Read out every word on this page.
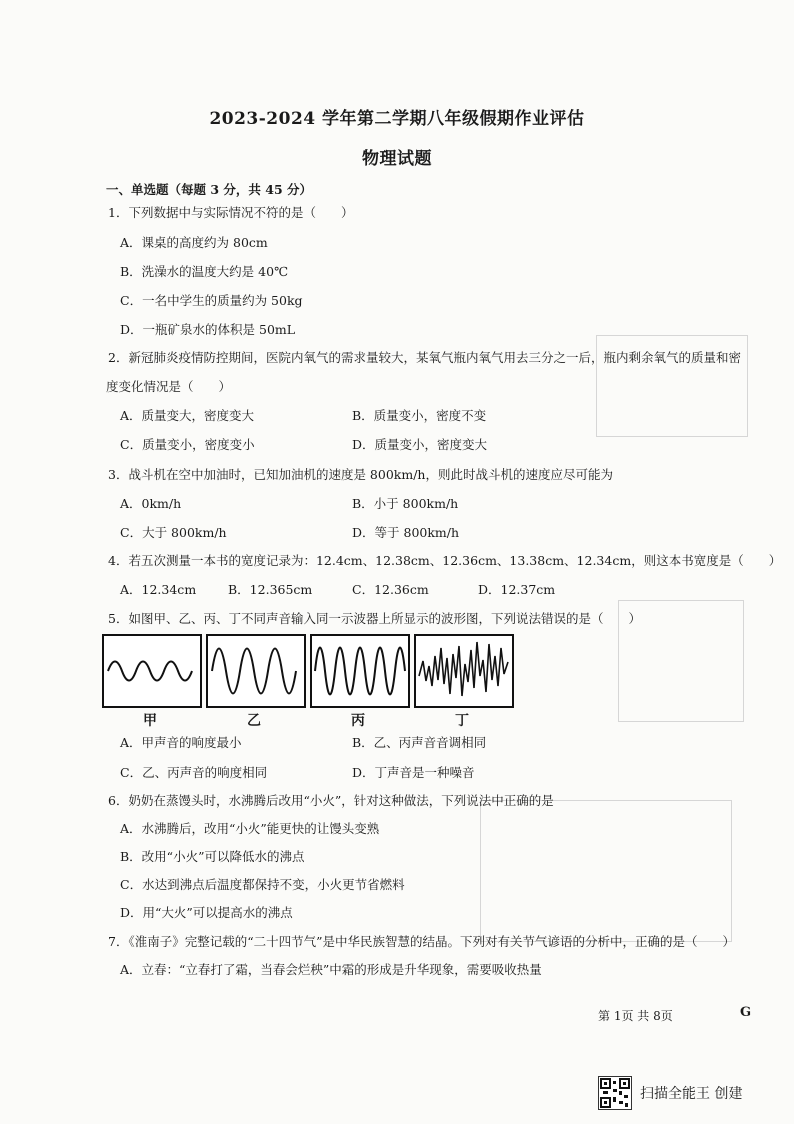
2023-2024 学年第二学期八年级假期作业评估
物理试题
一、单选题（每题 3 分，共 45 分）
1．下列数据中与实际情况不符的是（　　）
A．课桌的高度约为 80cm
B．洗澡水的温度大约是 40℃
C．一名中学生的质量约为 50kg
D．一瓶矿泉水的体积是 50mL
2．新冠肺炎疫情防控期间，医院内氧气的需求量较大，某氧气瓶内氧气用去三分之一后，瓶内剩余氧气的质量和密
度变化情况是（　　）
A．质量变大，密度变大	B．质量变小，密度不变
C．质量变小，密度变小	D．质量变小，密度变大
3．战斗机在空中加油时，已知加油机的速度是 800km/h，则此时战斗机的速度应尽可能为
A．0km/h	B．小于 800km/h
C．大于 800km/h	D．等于 800km/h
4．若五次测量一本书的宽度记录为：12.4cm、12.38cm、12.36cm、13.38cm、12.34cm，则这本书宽度是（　　）
A．12.34cm	B．12.365cm	C．12.36cm	D．12.37cm
5．如图甲、乙、丙、丁不同声音输入同一示波器上所显示的波形图，下列说法错误的是（　　）
甲	乙	丙	丁
A．甲声音的响度最小	B．乙、丙声音音调相同
C．乙、丙声音的响度相同	D．丁声音是一种噪音
6．奶奶在蒸馒头时，水沸腾后改用“小火”，针对这种做法，下列说法中正确的是
A．水沸腾后，改用“小火”能更快的让馒头变熟
B．改用“小火”可以降低水的沸点
C．水达到沸点后温度都保持不变，小火更节省燃料
D．用“大火”可以提高水的沸点
7．《淮南子》完整记载的“二十四节气”是中华民族智慧的结晶。下列对有关节气谚语的分析中，正确的是（　　）
A．立春：“立春打了霜，当春会烂秧”中霜的形成是升华现象，需要吸收热量
第 1页 共 8页	G
扫描全能王 创建
